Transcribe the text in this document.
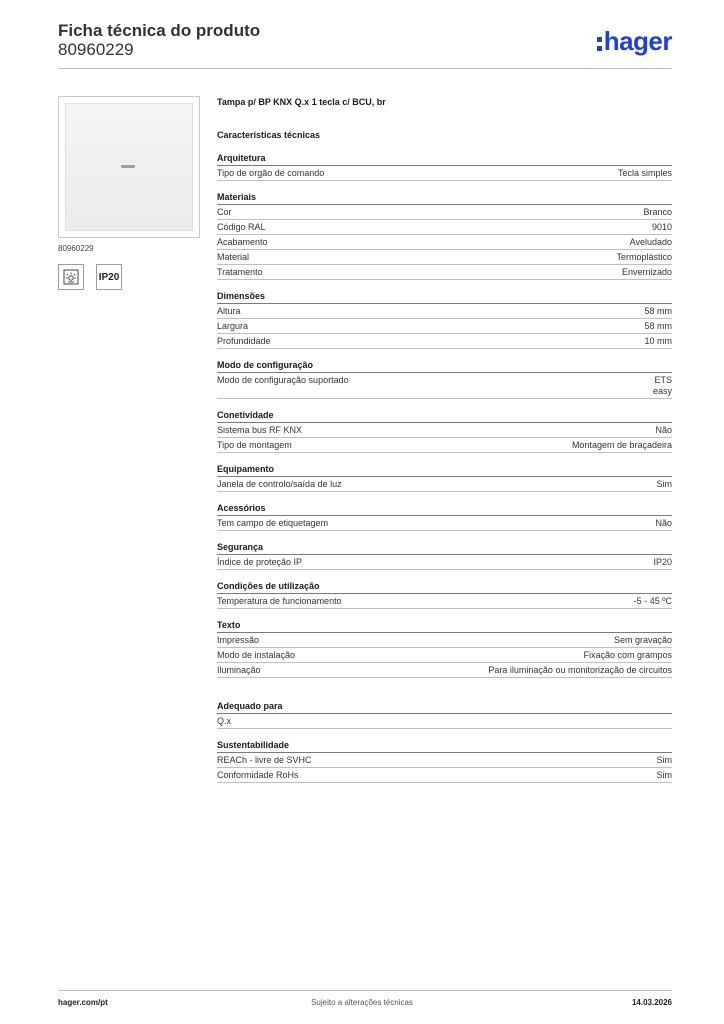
Ficha técnica do produto
80960229	hager
80960229
IP20
Tampa p/ BP KNX Q.x 1 tecla c/ BCU, br
Características técnicas
Arquitetura
Tipo de orgão de comando	Tecla simples
Materiais
Cor	Branco
Código RAL	9010
Acabamento	Aveludado
Material	Termoplástico
Tratamento	Envernizado
Dimensões
Altura	58 mm
Largura	58 mm
Profundidade	10 mm
Modo de configuração
Modo de configuração suportado	ETS
easy
Conetividade
Sistema bus RF KNX	Não
Tipo de montagem	Montagem de braçadeira
Equipamento
Janela de controlo/saída de luz	Sim
Acessórios
Tem campo de etiquetagem	Não
Segurança
Índice de proteção IP	IP20
Condições de utilização
Temperatura de funcionamento	-5 - 45 ºC
Texto
Impressão	Sem gravação
Modo de instalação	Fixação com grampos
Iluminação	Para iluminação ou monitorização de circuitos
Adequado para
Q.x
Sustentabilidade
REACh - livre de SVHC	Sim
Conformidade RoHs	Sim
hager.com/pt	Sujeito a alterações técnicas	14.03.2026
